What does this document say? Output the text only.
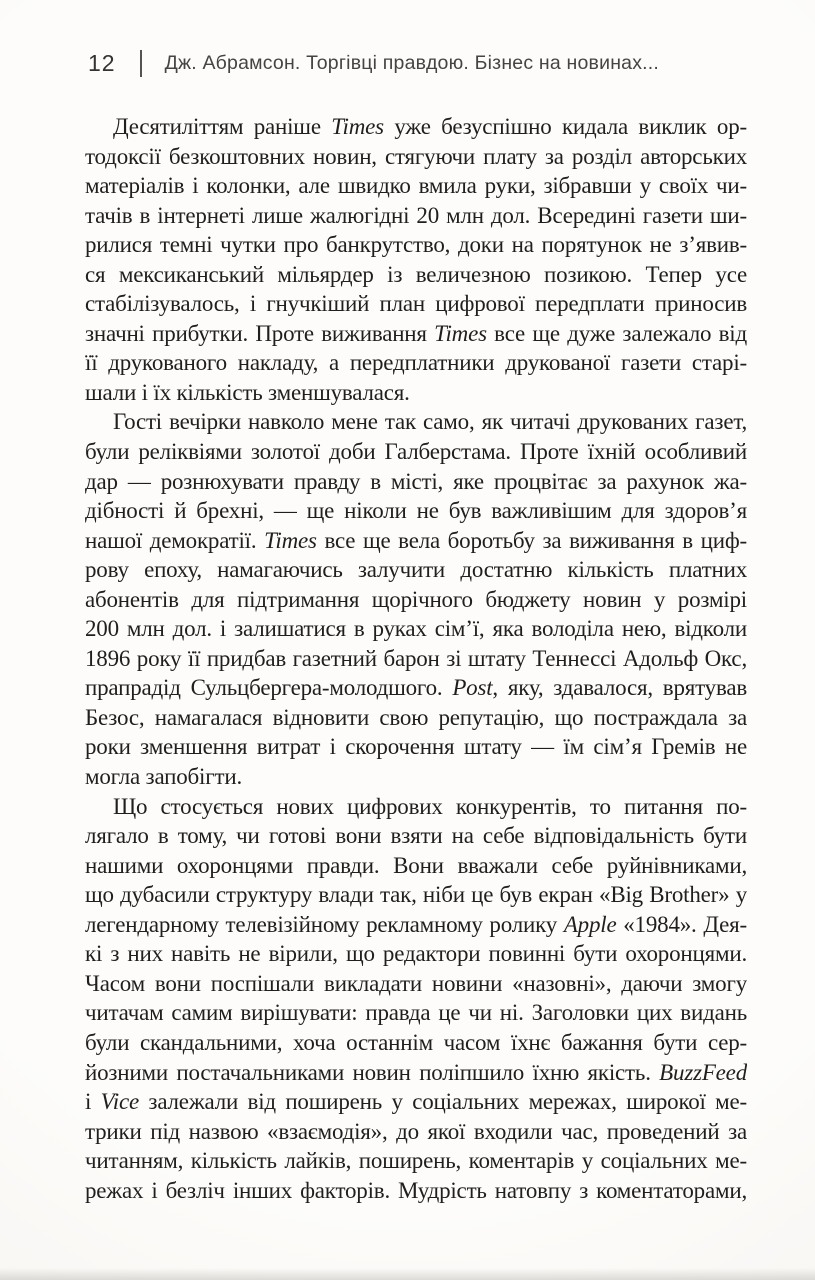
12	Дж. Абрамсон. Торгівці правдою. Бізнес на новинах...
Десятиліттям раніше Times уже безуспішно кидала виклик ор-
тодоксії безкоштовних новин, стягуючи плату за розділ авторських
матеріалів і колонки, але швидко вмила руки, зібравши у своїх чи-
тачів в інтернеті лише жалюгідні 20 млн дол. Всередині газети ши-
рилися темні чутки про банкрутство, доки на порятунок не з’явив-
ся мексиканський мільярдер із величезною позикою. Тепер усе
стабілізувалось, і гнучкіший план цифрової передплати приносив
значні прибутки. Проте виживання Times все ще дуже залежало від
її друкованого накладу, а передплатники друкованої газети старі-
шали і їх кількість зменшувалася.
Гості вечірки навколо мене так само, як читачі друкованих газет,
були реліквіями золотої доби Галберстама. Проте їхній особливий
дар — рознюхувати правду в місті, яке процвітає за рахунок жа-
дібності й брехні, — ще ніколи не був важливішим для здоров’я
нашої демократії. Times все ще вела боротьбу за виживання в циф-
рову епоху, намагаючись залучити достатню кількість платних
абонентів для підтримання щорічного бюджету новин у розмірі
200 млн дол. і залишатися в руках сім’ї, яка володіла нею, відколи
1896 року її придбав газетний барон зі штату Теннессі Адольф Окс,
прапрадід Сульцбергера-молодшого. Post, яку, здавалося, врятував
Безос, намагалася відновити свою репутацію, що постраждала за
роки зменшення витрат і скорочення штату — їм сім’я Гремів не
могла запобігти.
Що стосується нових цифрових конкурентів, то питання по-
лягало в тому, чи готові вони взяти на себе відповідальність бути
нашими охоронцями правди. Вони вважали себе руйнівниками,
що дубасили структуру влади так, ніби це був екран «Big Brother» у
легендарному телевізійному рекламному ролику Apple «1984». Дея-
кі з них навіть не вірили, що редактори повинні бути охоронцями.
Часом вони поспішали викладати новини «назовні», даючи змогу
читачам самим вирішувати: правда це чи ні. Заголовки цих видань
були скандальними, хоча останнім часом їхнє бажання бути сер-
йозними постачальниками новин поліпшило їхню якість. BuzzFeed
і Vice залежали від поширень у соціальних мережах, широкої ме-
трики під назвою «взаємодія», до якої входили час, проведений за
читанням, кількість лайків, поширень, коментарів у соціальних ме-
режах і безліч інших факторів. Мудрість натовпу з коментаторами,
